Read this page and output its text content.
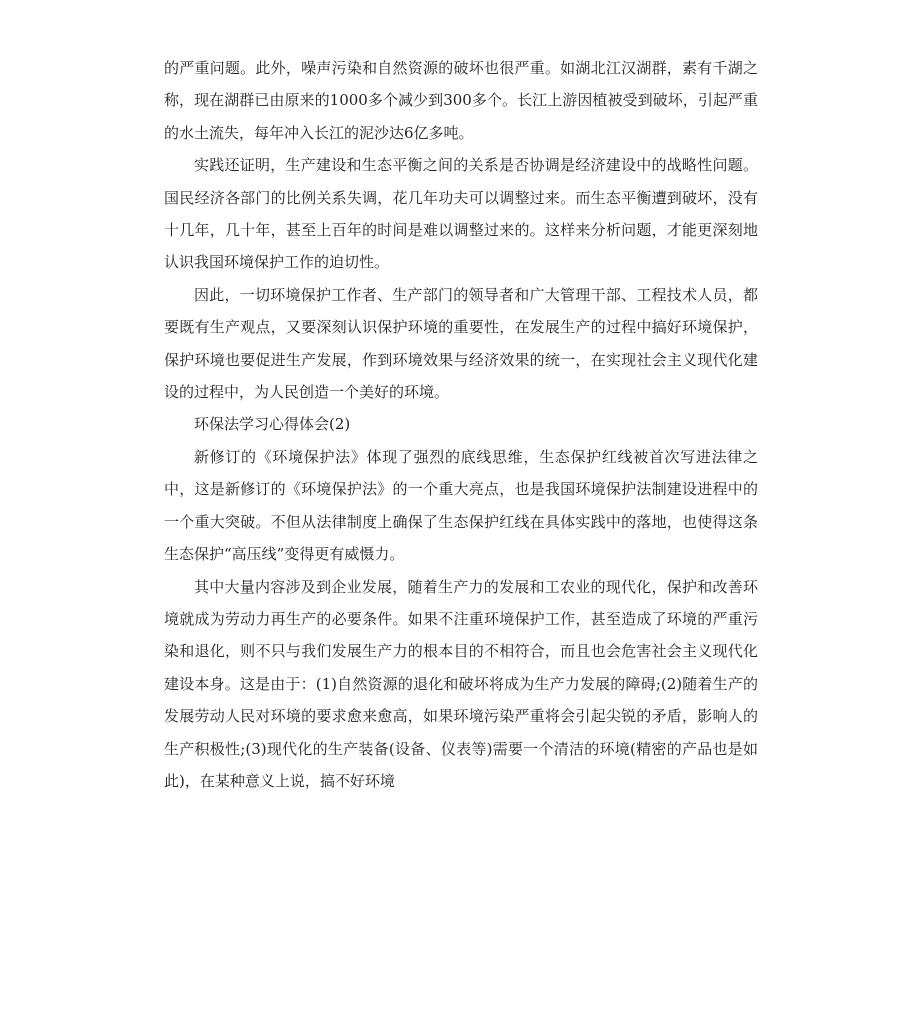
的严重问题。此外，噪声污染和自然资源的破坏也很严重。如湖北江汉湖群，素有千湖之称，现在湖群已由原来的1000多个减少到300多个。长江上游因植被受到破坏，引起严重的水土流失，每年冲入长江的泥沙达6亿多吨。

实践还证明，生产建设和生态平衡之间的关系是否协调是经济建设中的战略性问题。国民经济各部门的比例关系失调，花几年功夫可以调整过来。而生态平衡遭到破坏，没有十几年，几十年，甚至上百年的时间是难以调整过来的。这样来分析问题，才能更深刻地认识我国环境保护工作的迫切性。

因此，一切环境保护工作者、生产部门的领导者和广大管理干部、工程技术人员，都要既有生产观点，又要深刻认识保护环境的重要性，在发展生产的过程中搞好环境保护，保护环境也要促进生产发展，作到环境效果与经济效果的统一，在实现社会主义现代化建设的过程中，为人民创造一个美好的环境。

环保法学习心得体会(2)

新修订的《环境保护法》体现了强烈的底线思维，生态保护红线被首次写进法律之中，这是新修订的《环境保护法》的一个重大亮点，也是我国环境保护法制建设进程中的一个重大突破。不但从法律制度上确保了生态保护红线在具体实践中的落地，也使得这条生态保护“高压线”变得更有威慑力。

其中大量内容涉及到企业发展，随着生产力的发展和工农业的现代化，保护和改善环境就成为劳动力再生产的必要条件。如果不注重环境保护工作，甚至造成了环境的严重污染和退化，则不只与我们发展生产力的根本目的不相符合，而且也会危害社会主义现代化建设本身。这是由于：(1)自然资源的退化和破坏将成为生产力发展的障碍;(2)随着生产的发展劳动人民对环境的要求愈来愈高，如果环境污染严重将会引起尖锐的矛盾，影响人的生产积极性;(3)现代化的生产装备(设备、仪表等)需要一个清洁的环境(精密的产品也是如此)，在某种意义上说，搞不好环境
